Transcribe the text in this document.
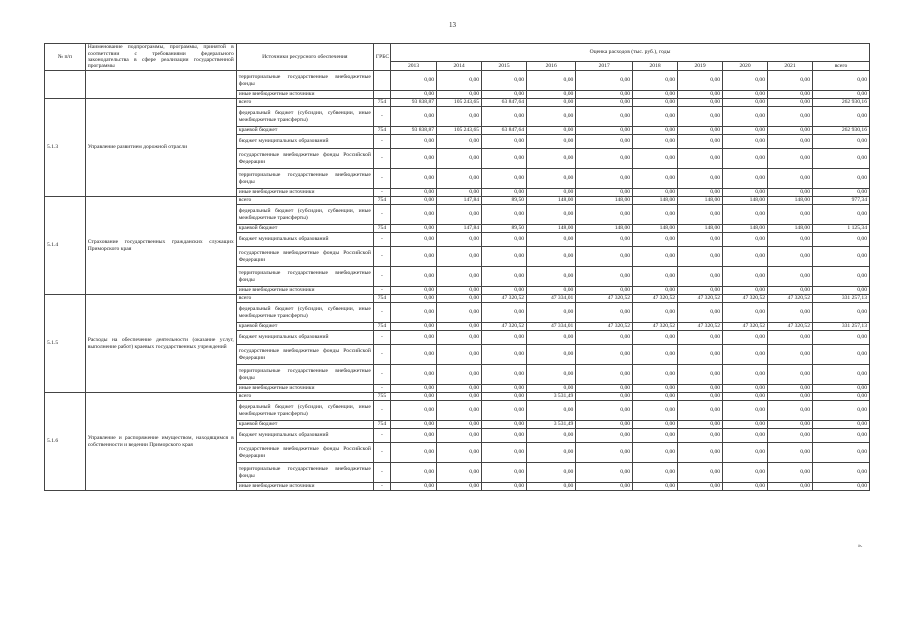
13
№ п/п	Наименование подпрограммы, программы, принятой в соответствии с требованиями федерального законодательства в сфере реализации государственной программы	Источники ресурсного обеспечения	ГРБС	Оценка расходов (тыс. руб.), годы									
				2013	2014	2015	2016	2017	2018	2019	2020	2021	всего
		территориальные государственные внебюджетные фонды		0,00	0,00	0,00	0,00	0,00	0,00	0,00	0,00	0,00	0,00
		иные внебюджетные источники		0,00	0,00	0,00	0,00	0,00	0,00	0,00	0,00	0,00	0,00
5.1.3	Управление развитием дорожной отрасли	всего	754	93 838,87	105 243,65	63 847,64	0,00	0,00	0,00	0,00	0,00	0,00	262 930,16
		федеральный бюджет (субсидии, субвенции, иные межбюджетные трансферты)	-	0,00	0,00	0,00	0,00	0,00	0,00	0,00	0,00	0,00	0,00
		краевой бюджет	754	93 838,87	105 243,65	63 847,64	0,00	0,00	0,00	0,00	0,00	0,00	262 930,16
		бюджет муниципальных образований	-	0,00	0,00	0,00	0,00	0,00	0,00	0,00	0,00	0,00	0,00
		государственные внебюджетные фонды Российской Федерации	-	0,00	0,00	0,00	0,00	0,00	0,00	0,00	0,00	0,00	0,00
		территориальные государственные внебюджетные фонды	-	0,00	0,00	0,00	0,00	0,00	0,00	0,00	0,00	0,00	0,00
		иные внебюджетные источники	-	0,00	0,00	0,00	0,00	0,00	0,00	0,00	0,00	0,00	0,00
5.1.4	Страхование государственных гражданских служащих Приморского края	всего	754	0,00	147,84	89,50	148,00	148,00	148,00	148,00	148,00	148,00	977,34
		федеральный бюджет (субсидии, субвенции, иные межбюджетные трансферты)	-	0,00	0,00	0,00	0,00	0,00	0,00	0,00	0,00	0,00	0,00
		краевой бюджет	754	0,00	147,84	89,50	148,00	148,00	148,00	148,00	148,00	148,00	1 125,34
		бюджет муниципальных образований	-	0,00	0,00	0,00	0,00	0,00	0,00	0,00	0,00	0,00	0,00
		государственные внебюджетные фонды Российской Федерации	-	0,00	0,00	0,00	0,00	0,00	0,00	0,00	0,00	0,00	0,00
		территориальные государственные внебюджетные фонды	-	0,00	0,00	0,00	0,00	0,00	0,00	0,00	0,00	0,00	0,00
		иные внебюджетные источники	-	0,00	0,00	0,00	0,00	0,00	0,00	0,00	0,00	0,00	0,00
5.1.5	Расходы на обеспечение деятельности (оказание услуг, выполнение работ) краевых государственных учреждений	всего	754	0,00	0,00	47 320,52	47 334,01	47 320,52	47 320,52	47 320,52	47 320,52	47 320,52	331 257,13
		федеральный бюджет (субсидии, субвенции, иные межбюджетные трансферты)	-	0,00	0,00	0,00	0,00	0,00	0,00	0,00	0,00	0,00	0,00
		краевой бюджет	754	0,00	0,00	47 320,52	47 334,01	47 320,52	47 320,52	47 320,52	47 320,52	47 320,52	331 257,13
		бюджет муниципальных образований	-	0,00	0,00	0,00	0,00	0,00	0,00	0,00	0,00	0,00	0,00
		государственные внебюджетные фонды Российской Федерации	-	0,00	0,00	0,00	0,00	0,00	0,00	0,00	0,00	0,00	0,00
		территориальные государственные внебюджетные фонды	-	0,00	0,00	0,00	0,00	0,00	0,00	0,00	0,00	0,00	0,00
		иные внебюджетные источники	-	0,00	0,00	0,00	0,00	0,00	0,00	0,00	0,00	0,00	0,00
5.1.6	Управление и распоряжение имуществом, находящимся в собственности и ведении Приморского края	всего	755	0,00	0,00	0,00	3 531,49	0,00	0,00	0,00	0,00	0,00	0,00
		федеральный бюджет (субсидии, субвенции, иные межбюджетные трансферты)	-	0,00	0,00	0,00	0,00	0,00	0,00	0,00	0,00	0,00	0,00
		краевой бюджет	754	0,00	0,00	0,00	3 531,49	0,00	0,00	0,00	0,00	0,00	0,00
		бюджет муниципальных образований	-	0,00	0,00	0,00	0,00	0,00	0,00	0,00	0,00	0,00	0,00
		государственные внебюджетные фонды Российской Федерации	-	0,00	0,00	0,00	0,00	0,00	0,00	0,00	0,00	0,00	0,00
		территориальные государственные внебюджетные фонды	-	0,00	0,00	0,00	0,00	0,00	0,00	0,00	0,00	0,00	0,00
		иные внебюджетные источники	-	0,00	0,00	0,00	0,00	0,00	0,00	0,00	0,00	0,00	0,00
».
